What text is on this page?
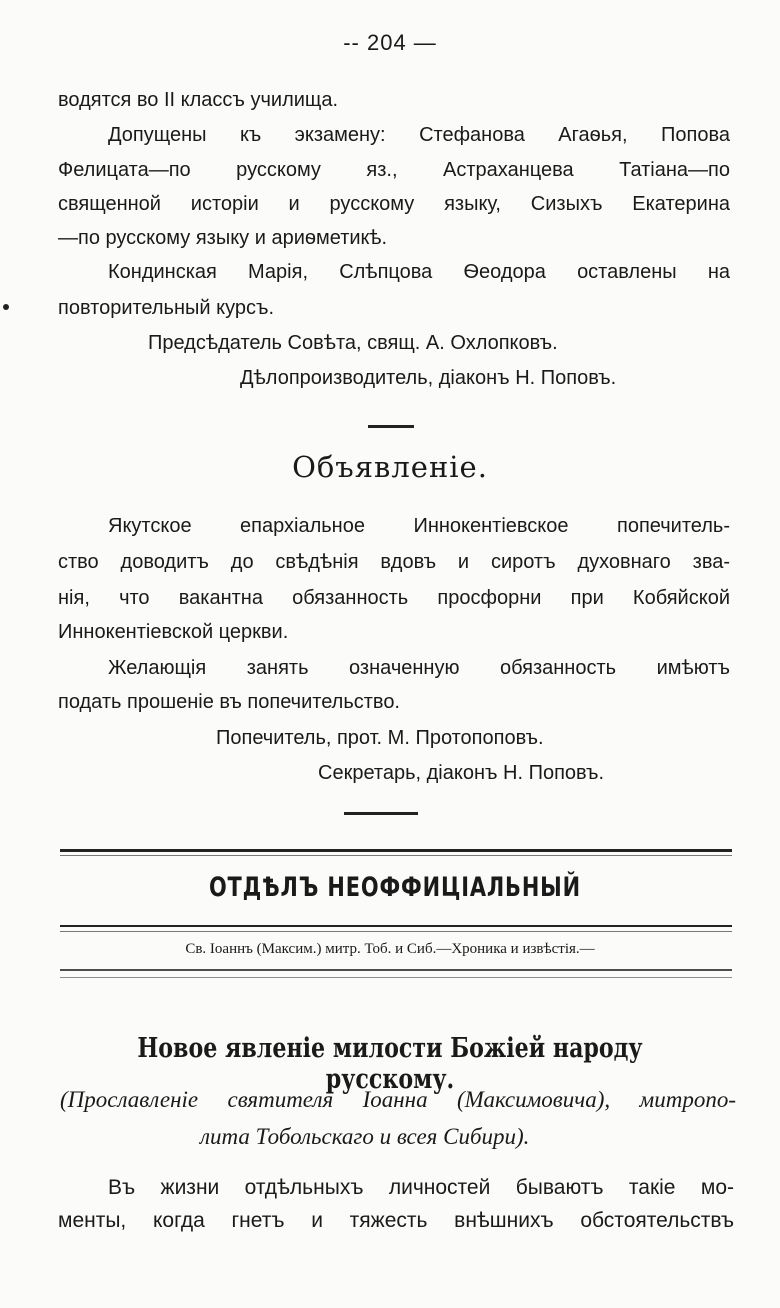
-- 204 —
водятся во II классъ училища.
Допущены къ экзамену: Стефанова Агаѳья, Попова
Фелицата—по русскому яз., Астраханцева Татіана—по
священной исторіи и русскому языку, Сизыхъ Екатерина
—по русскому языку и ариѳметикѣ.
Кондинская Марія, Слѣпцова Ѳеодора оставлены на
повторительный курсъ.
Предсѣдатель Совѣта, свящ. А. Охлопковъ.
Дѣлопроизводитель, діаконъ Н. Поповъ.
Объявленіе.
Якутское епархіальное Иннокентіевское попечитель-
ство доводитъ до свѣдѣнія вдовъ и сиротъ духовнаго зва-
нія, что вакантна обязанность просфорни при Кобяйской
Иннокентіевской церкви.
Желающія занять означенную обязанность имѣютъ
подать прошеніе въ попечительство.
Попечитель, прот. М. Протопоповъ.
Секретарь, діаконъ Н. Поповъ.
ОТДѢЛЪ НЕОФФИЦІАЛЬНЫЙ
Св. Іоаннъ (Максим.) митр. Тоб. и Сиб.—Хроника и извѣстія.—
Новое явленіе милости Божіей народу русскому.
(Прославленіе святителя Іоанна (Максимовича), митропо-
лита Тобольскаго и всея Сибири).
Въ жизни отдѣльныхъ личностей бываютъ такіе мо-
менты, когда гнетъ и тяжесть внѣшнихъ обстоятельствъ
